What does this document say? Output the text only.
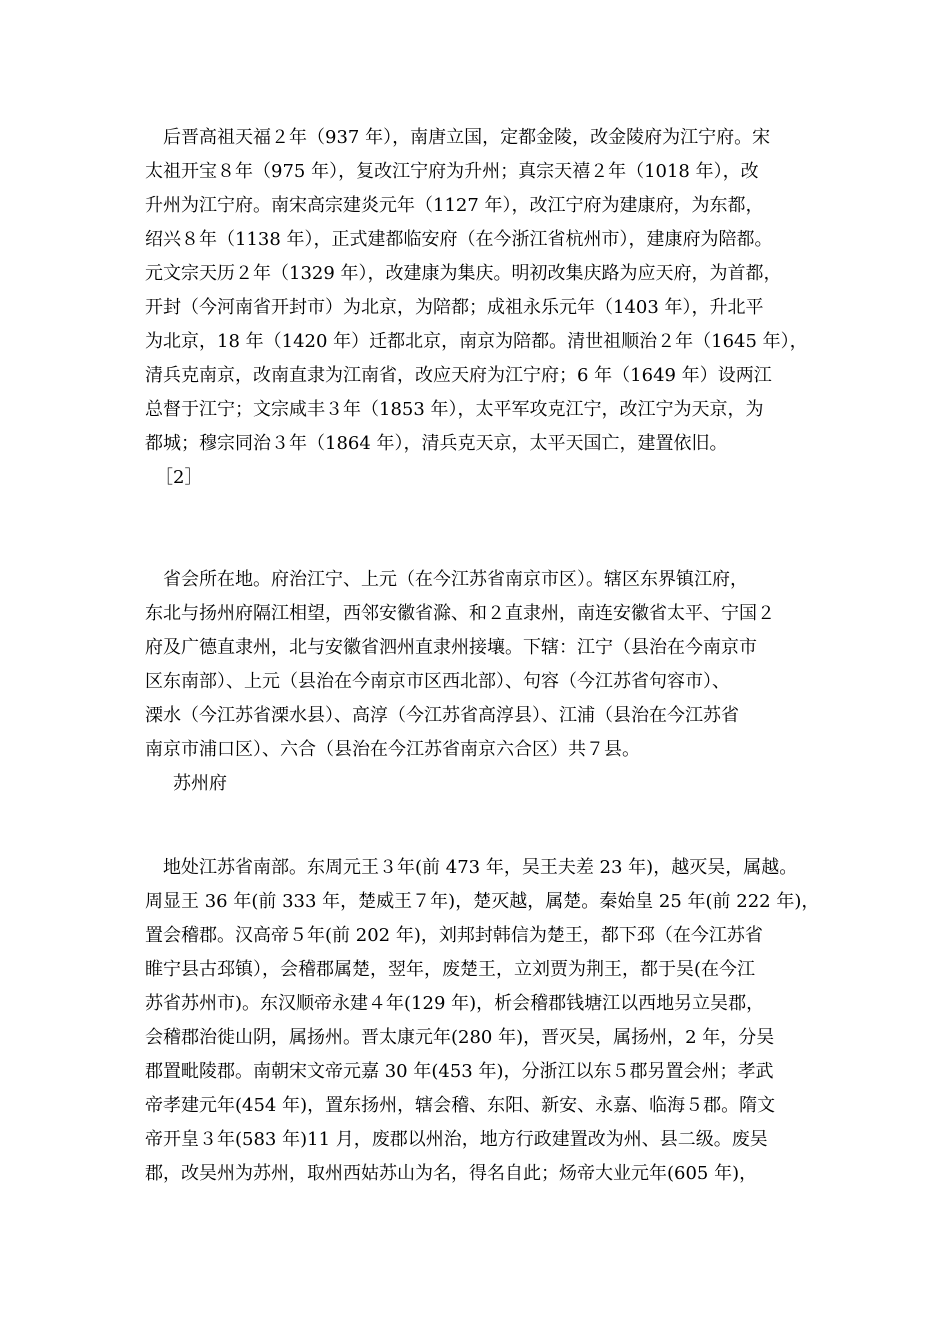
后晋高祖天福２年（937 年），南唐立国，定都金陵，改金陵府为江宁府。宋
太祖开宝８年（975 年），复改江宁府为升州；真宗天禧２年（1018 年），改
升州为江宁府。南宋高宗建炎元年（1127 年），改江宁府为建康府，为东都，
绍兴８年（1138 年），正式建都临安府（在今浙江省杭州市），建康府为陪都。
元文宗天历２年（1329 年），改建康为集庆。明初改集庆路为应天府，为首都，
开封（今河南省开封市）为北京，为陪都；成祖永乐元年（1403 年），升北平
为北京，18 年（1420 年）迁都北京，南京为陪都。清世祖顺治２年（1645 年），
清兵克南京，改南直隶为江南省，改应天府为江宁府；6 年（1649 年）设两江
总督于江宁；文宗咸丰３年（1853 年），太平军攻克江宁，改江宁为天京，为
都城；穆宗同治３年（1864 年），清兵克天京，太平天国亡，建置依旧。
［2］
省会所在地。府治江宁、上元（在今江苏省南京市区）。辖区东界镇江府，
东北与扬州府隔江相望，西邻安徽省滁、和２直隶州，南连安徽省太平、宁国２
府及广德直隶州，北与安徽省泗州直隶州接壤。下辖：江宁（县治在今南京市
区东南部）、上元（县治在今南京市区西北部）、句容（今江苏省句容市）、
溧水（今江苏省溧水县）、高淳（今江苏省高淳县）、江浦（县治在今江苏省
南京市浦口区）、六合（县治在今江苏省南京六合区）共７县。
苏州府
地处江苏省南部。东周元王３年(前 473 年，吴王夫差 23 年)，越灭吴，属越。
周显王 36 年(前 333 年，楚威王７年)，楚灭越，属楚。秦始皇 25 年(前 222 年)，
置会稽郡。汉高帝５年(前 202 年)，刘邦封韩信为楚王，都下邳（在今江苏省
睢宁县古邳镇），会稽郡属楚，翌年，废楚王，立刘贾为荆王，都于吴(在今江
苏省苏州市)。东汉顺帝永建４年(129 年)，析会稽郡钱塘江以西地另立吴郡，
会稽郡治徙山阴，属扬州。晋太康元年(280 年)，晋灭吴，属扬州，2 年，分吴
郡置毗陵郡。南朝宋文帝元嘉 30 年(453 年)，分浙江以东５郡另置会州；孝武
帝孝建元年(454 年)，置东扬州，辖会稽、东阳、新安、永嘉、临海５郡。隋文
帝开皇３年(583 年)11 月，废郡以州治，地方行政建置改为州、县二级。废吴
郡，改吴州为苏州，取州西姑苏山为名，得名自此；炀帝大业元年(605 年)，
